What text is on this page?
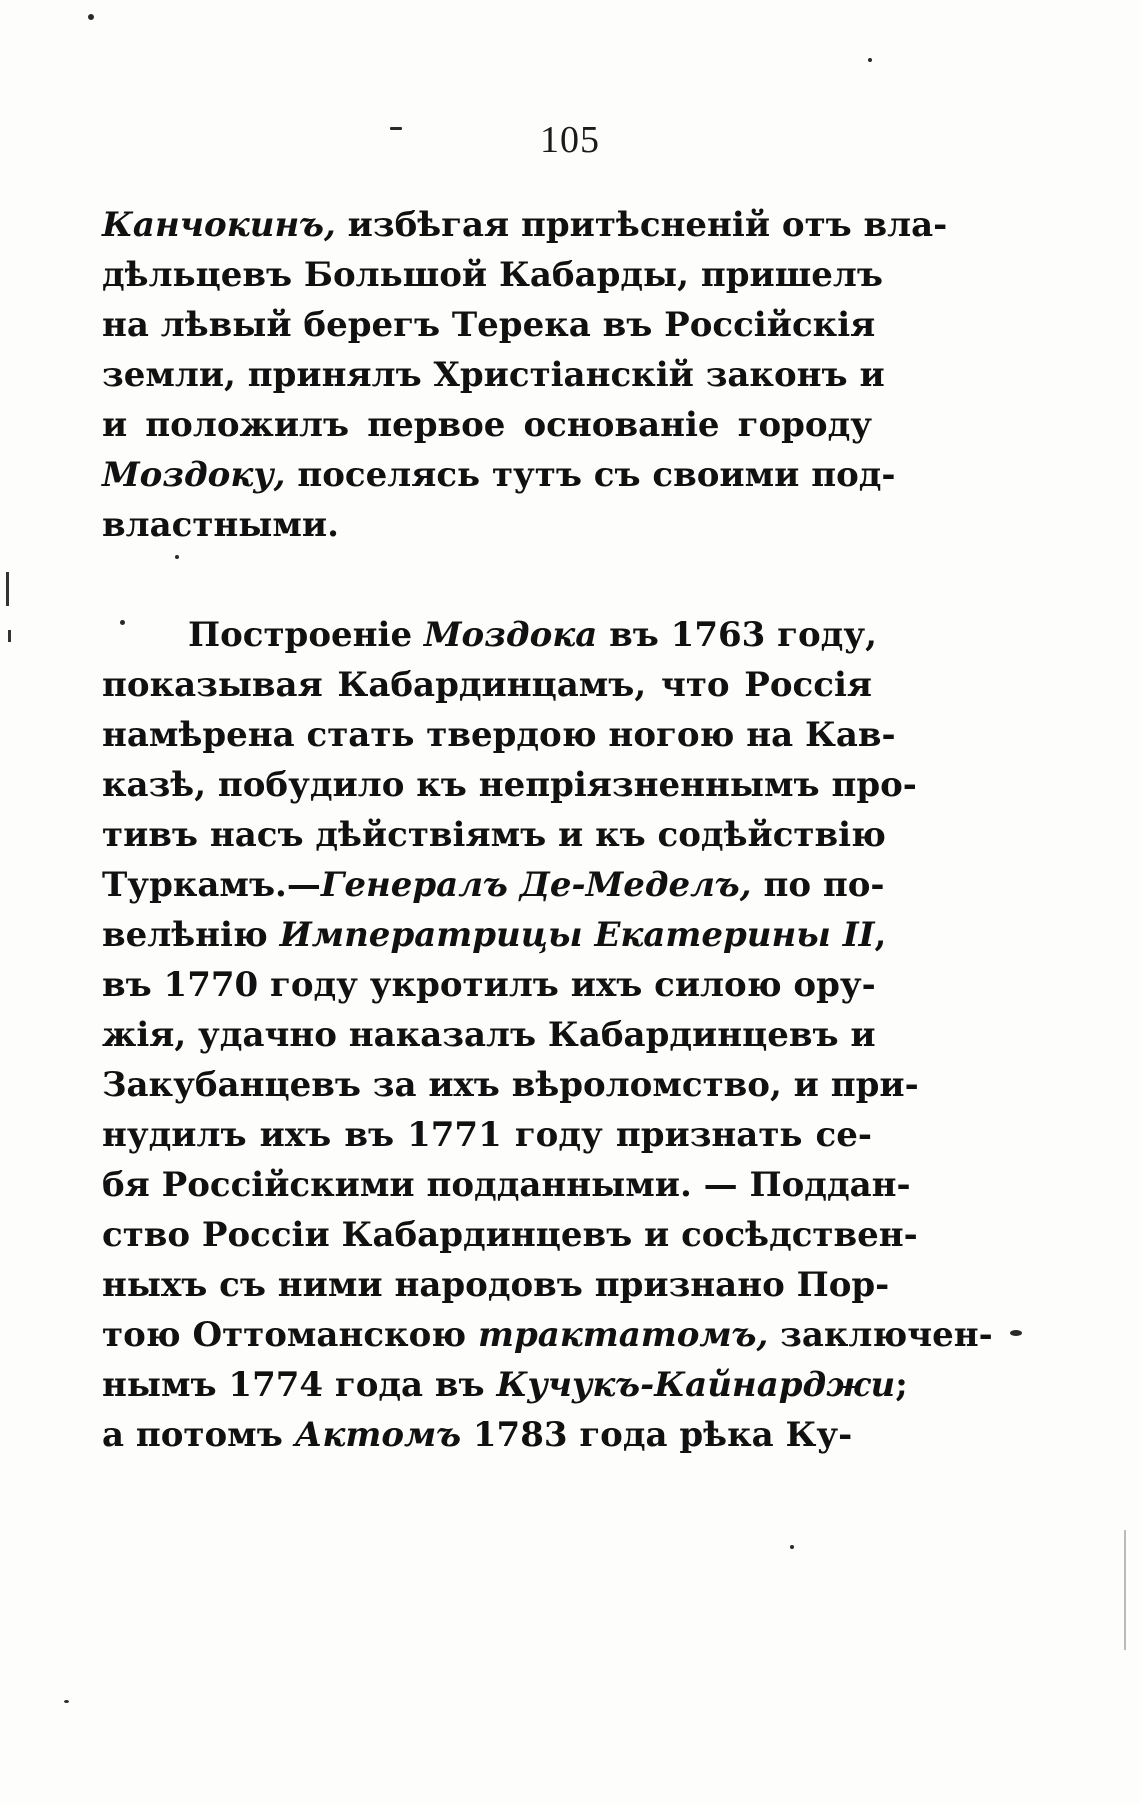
105
Канчокинъ, избѣгая притѣсненій отъ вла-
дѣльцевъ Большой Кабарды, пришелъ
на лѣвый берегъ Терека въ Россійскія
земли, принялъ Христіанскій законъ и
и положилъ первое основаніе городу
Моздоку, поселясь тутъ съ своими под-
властными.
Построеніе Моздока въ 1763 году,
показывая Кабардинцамъ, что Россія
намѣрена стать твердою ногою на Кав-
казѣ, побудило къ непріязненнымъ про-
тивъ насъ дѣйствіямъ и къ содѣйствію
Туркамъ.—Генералъ Де-Меделъ, по по-
велѣнію Императрицы Екатерины II,
въ 1770 году укротилъ ихъ силою ору-
жія, удачно наказалъ Кабардинцевъ и
Закубанцевъ за ихъ вѣроломство, и при-
нудилъ ихъ въ 1771 году признать се-
бя Россійскими подданными. — Поддан-
ство Россіи Кабардинцевъ и сосѣдствен-
ныхъ съ ними народовъ признано Пор-
тою Оттоманскою трактатомъ, заключен-
нымъ 1774 года въ Кучукъ-Кайнарджи;
а потомъ Актомъ 1783 года рѣка Ку-
